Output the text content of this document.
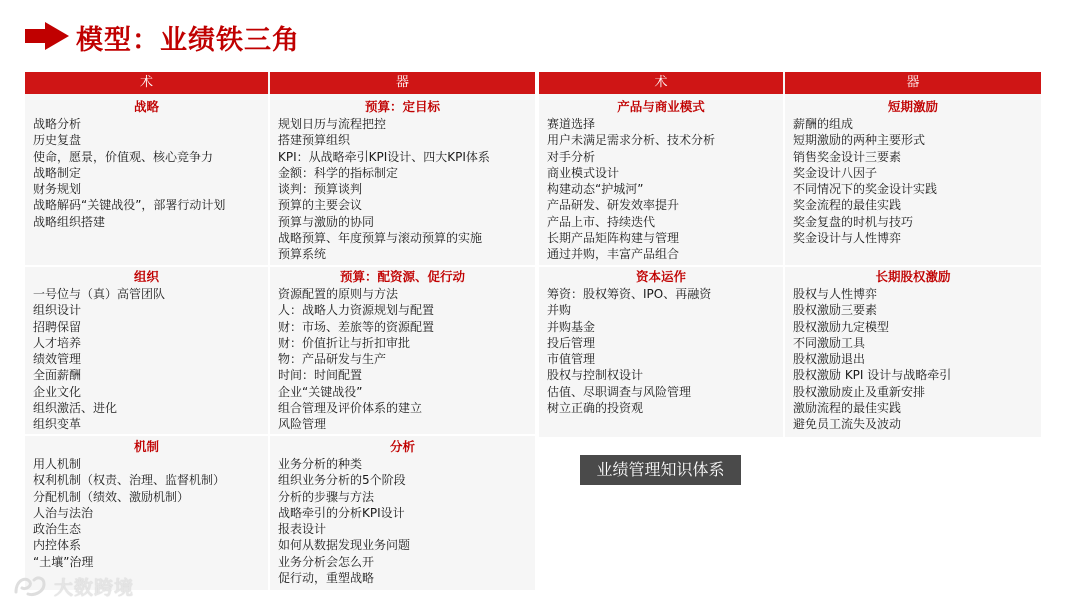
模型：业绩铁三角
术	器
战略
战略分析
历史复盘
使命，愿景，价值观、核心竞争力
战略制定
财务规划
战略解码“关键战役”，部署行动计划
战略组织搭建
预算：定目标
规划日历与流程把控
搭建预算组织
KPI：从战略牵引KPI设计、四大KPI体系
金额：科学的指标制定
谈判：预算谈判
预算的主要会议
预算与激励的协同
战略预算、年度预算与滚动预算的实施
预算系统
组织
一号位与（真）高管团队
组织设计
招聘保留
人才培养
绩效管理
全面薪酬
企业文化
组织激活、进化
组织变革
预算：配资源、促行动
资源配置的原则与方法
人：战略人力资源规划与配置
财：市场、差旅等的资源配置
财：价值折让与折扣审批
物：产品研发与生产
时间：时间配置
企业“关键战役”
组合管理及评价体系的建立
风险管理
机制
用人机制
权利机制（权责、治理、监督机制）
分配机制（绩效、激励机制）
人治与法治
政治生态
内控体系
“土壤”治理
分析
业务分析的种类
组织业务分析的5个阶段
分析的步骤与方法
战略牵引的分析KPI设计
报表设计
如何从数据发现业务问题
业务分析会怎么开
促行动，重塑战略
术	器
产品与商业模式
赛道选择
用户未满足需求分析、技术分析
对手分析
商业模式设计
构建动态“护城河”
产品研发、研发效率提升
产品上市、持续迭代
长期产品矩阵构建与管理
通过并购，丰富产品组合
短期激励
薪酬的组成
短期激励的两种主要形式
销售奖金设计三要素
奖金设计八因子
不同情况下的奖金设计实践
奖金流程的最佳实践
奖金复盘的时机与技巧
奖金设计与人性博弈
资本运作
筹资：股权筹资、IPO、再融资
并购
并购基金
投后管理
市值管理
股权与控制权设计
估值、尽职调查与风险管理
树立正确的投资观
长期股权激励
股权与人性博弈
股权激励三要素
股权激励九定模型
不同激励工具
股权激励退出
股权激励 KPI 设计与战略牵引
股权激励废止及重新安排
激励流程的最佳实践
避免员工流失及波动
业绩管理知识体系
大数跨境
